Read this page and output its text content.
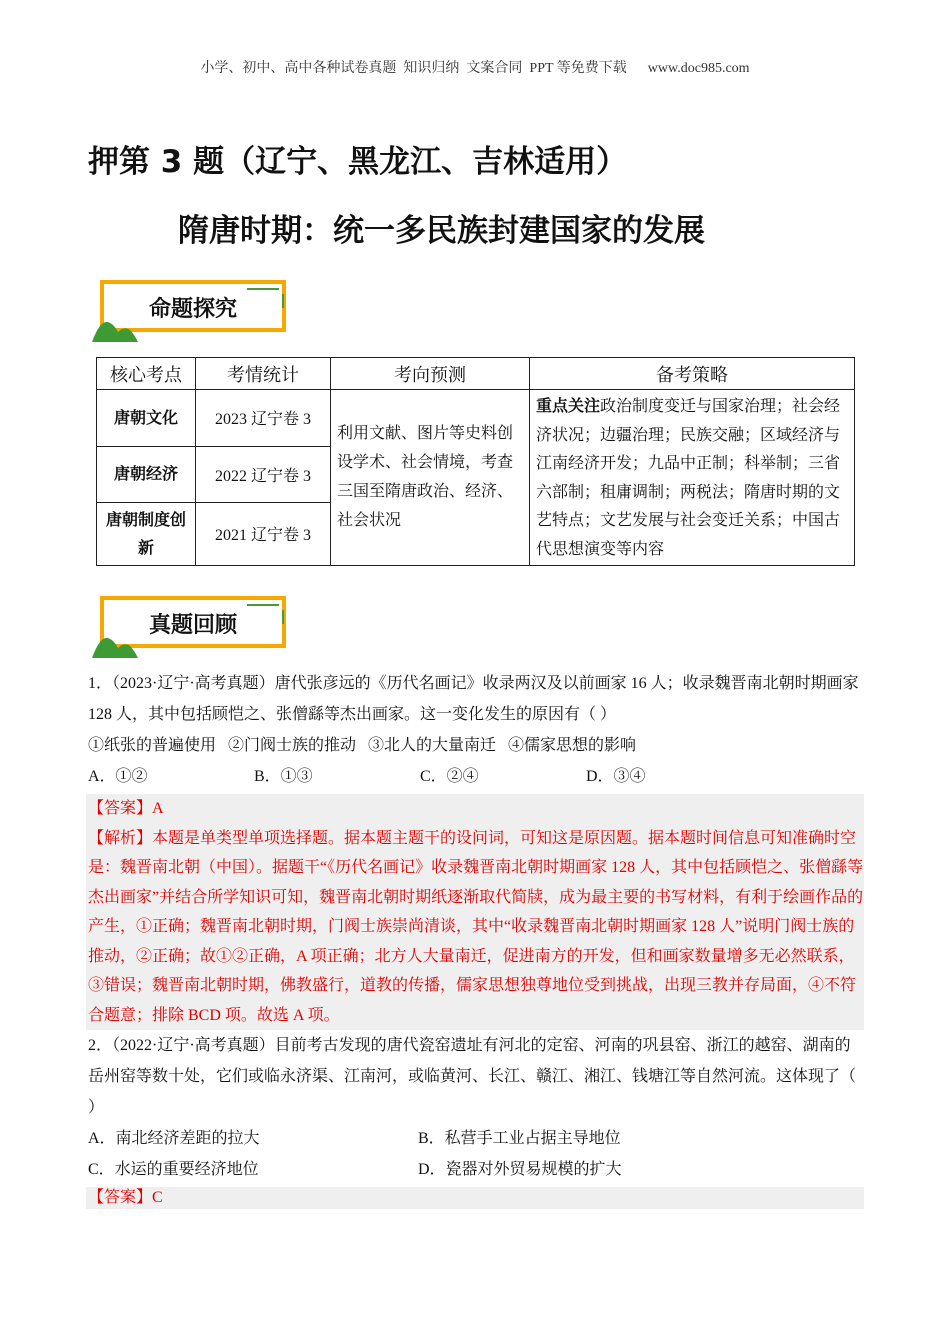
小学、初中、高中各种试卷真题  知识归纳  文案合同  PPT 等免费下载      www.doc985.com
押第 3 题（辽宁、黑龙江、吉林适用）
隋唐时期：统一多民族封建国家的发展
命题探究
核心考点	考情统计	考向预测	备考策略
唐朝文化	2023 辽宁卷 3	利用文献、图片等史料创设学术、社会情境，考查三国至隋唐政治、经济、社会状况	重点关注政治制度变迁与国家治理；社会经济状况；边疆治理；民族交融；区域经济与江南经济开发；九品中正制；科举制；三省六部制；租庸调制；两税法；隋唐时期的文艺特点；文艺发展与社会变迁关系；中国古代思想演变等内容
唐朝经济	2022 辽宁卷 3		
唐朝制度创新	2021 辽宁卷 3		
真题回顾
1．（2023·辽宁·高考真题）唐代张彦远的《历代名画记》收录两汉及以前画家 16 人；收录魏晋南北朝时期画家 128 人，其中包括顾恺之、张僧繇等杰出画家。这一变化发生的原因有（ ）
①纸张的普遍使用   ②门阀士族的推动   ③北人的大量南迁   ④儒家思想的影响
A．①②	B．①③	C．②④	D．③④
【答案】A
【解析】本题是单类型单项选择题。据本题主题干的设问词，可知这是原因题。据本题时间信息可知准确时空是：魏晋南北朝（中国）。据题干“《历代名画记》收录魏晋南北朝时期画家 128 人，其中包括顾恺之、张僧繇等杰出画家”并结合所学知识可知，魏晋南北朝时期纸逐渐取代简牍，成为最主要的书写材料，有利于绘画作品的产生，①正确；魏晋南北朝时期，门阀士族崇尚清谈，其中“收录魏晋南北朝时期画家 128 人”说明门阀士族的推动，②正确；故①②正确，A 项正确；北方人大量南迁，促进南方的开发，但和画家数量增多无必然联系，③错误；魏晋南北朝时期，佛教盛行，道教的传播，儒家思想独尊地位受到挑战，出现三教并存局面，④不符合题意；排除 BCD 项。故选 A 项。
2．（2022·辽宁·高考真题）目前考古发现的唐代瓷窑遗址有河北的定窑、河南的巩县窑、浙江的越窑、湖南的岳州窑等数十处，它们或临永济渠、江南河，或临黄河、长江、赣江、湘江、钱塘江等自然河流。这体现了（ ）
A．南北经济差距的拉大	B．私营手工业占据主导地位
C．水运的重要经济地位	D．瓷器对外贸易规模的扩大
【答案】C
